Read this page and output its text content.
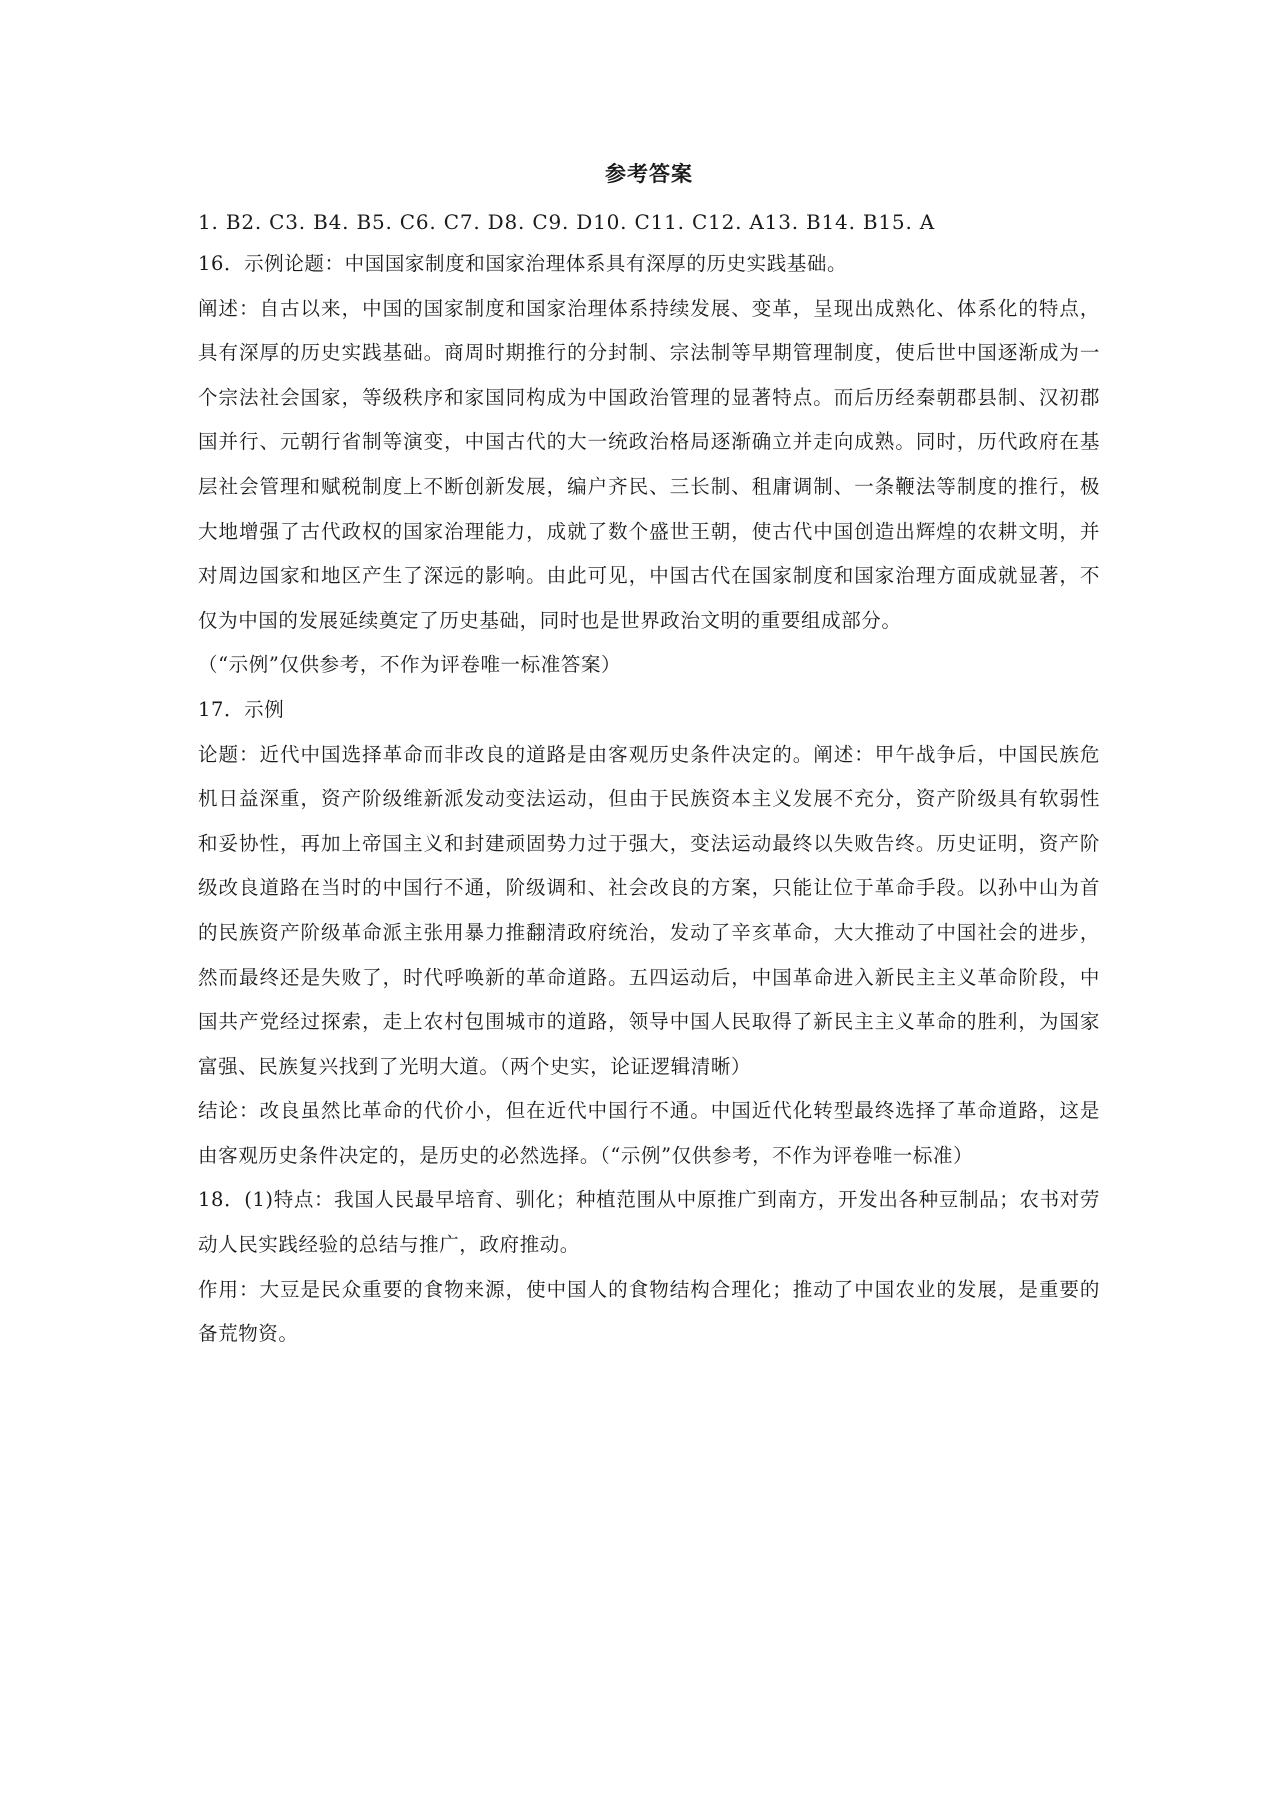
参考答案

1. B2. C3. B4. B5. C6. C7. D8. C9. D10. C11. C12. A13. B14. B15. A

16．示例论题：中国国家制度和国家治理体系具有深厚的历史实践基础。

阐述：自古以来，中国的国家制度和国家治理体系持续发展、变革，呈现出成熟化、体系化的特点，具有深厚的历史实践基础。商周时期推行的分封制、宗法制等早期管理制度，使后世中国逐渐成为一个宗法社会国家，等级秩序和家国同构成为中国政治管理的显著特点。而后历经秦朝郡县制、汉初郡国并行、元朝行省制等演变，中国古代的大一统政治格局逐渐确立并走向成熟。同时，历代政府在基层社会管理和赋税制度上不断创新发展，编户齐民、三长制、租庸调制、一条鞭法等制度的推行，极大地增强了古代政权的国家治理能力，成就了数个盛世王朝，使古代中国创造出辉煌的农耕文明，并对周边国家和地区产生了深远的影响。由此可见，中国古代在国家制度和国家治理方面成就显著，不仅为中国的发展延续奠定了历史基础，同时也是世界政治文明的重要组成部分。

（“示例”仅供参考，不作为评卷唯一标准答案）

17．示例

论题：近代中国选择革命而非改良的道路是由客观历史条件决定的。阐述：甲午战争后，中国民族危机日益深重，资产阶级维新派发动变法运动，但由于民族资本主义发展不充分，资产阶级具有软弱性和妥协性，再加上帝国主义和封建顽固势力过于强大，变法运动最终以失败告终。历史证明，资产阶级改良道路在当时的中国行不通，阶级调和、社会改良的方案，只能让位于革命手段。以孙中山为首的民族资产阶级革命派主张用暴力推翻清政府统治，发动了辛亥革命，大大推动了中国社会的进步，然而最终还是失败了，时代呼唤新的革命道路。五四运动后，中国革命进入新民主主义革命阶段，中国共产党经过探索，走上农村包围城市的道路，领导中国人民取得了新民主主义革命的胜利，为国家富强、民族复兴找到了光明大道。（两个史实，论证逻辑清晰）

结论：改良虽然比革命的代价小，但在近代中国行不通。中国近代化转型最终选择了革命道路，这是由客观历史条件决定的，是历史的必然选择。（“示例”仅供参考，不作为评卷唯一标准）

18．(1)特点：我国人民最早培育、驯化；种植范围从中原推广到南方，开发出各种豆制品；农书对劳动人民实践经验的总结与推广，政府推动。

作用：大豆是民众重要的食物来源，使中国人的食物结构合理化；推动了中国农业的发展，是重要的备荒物资。
